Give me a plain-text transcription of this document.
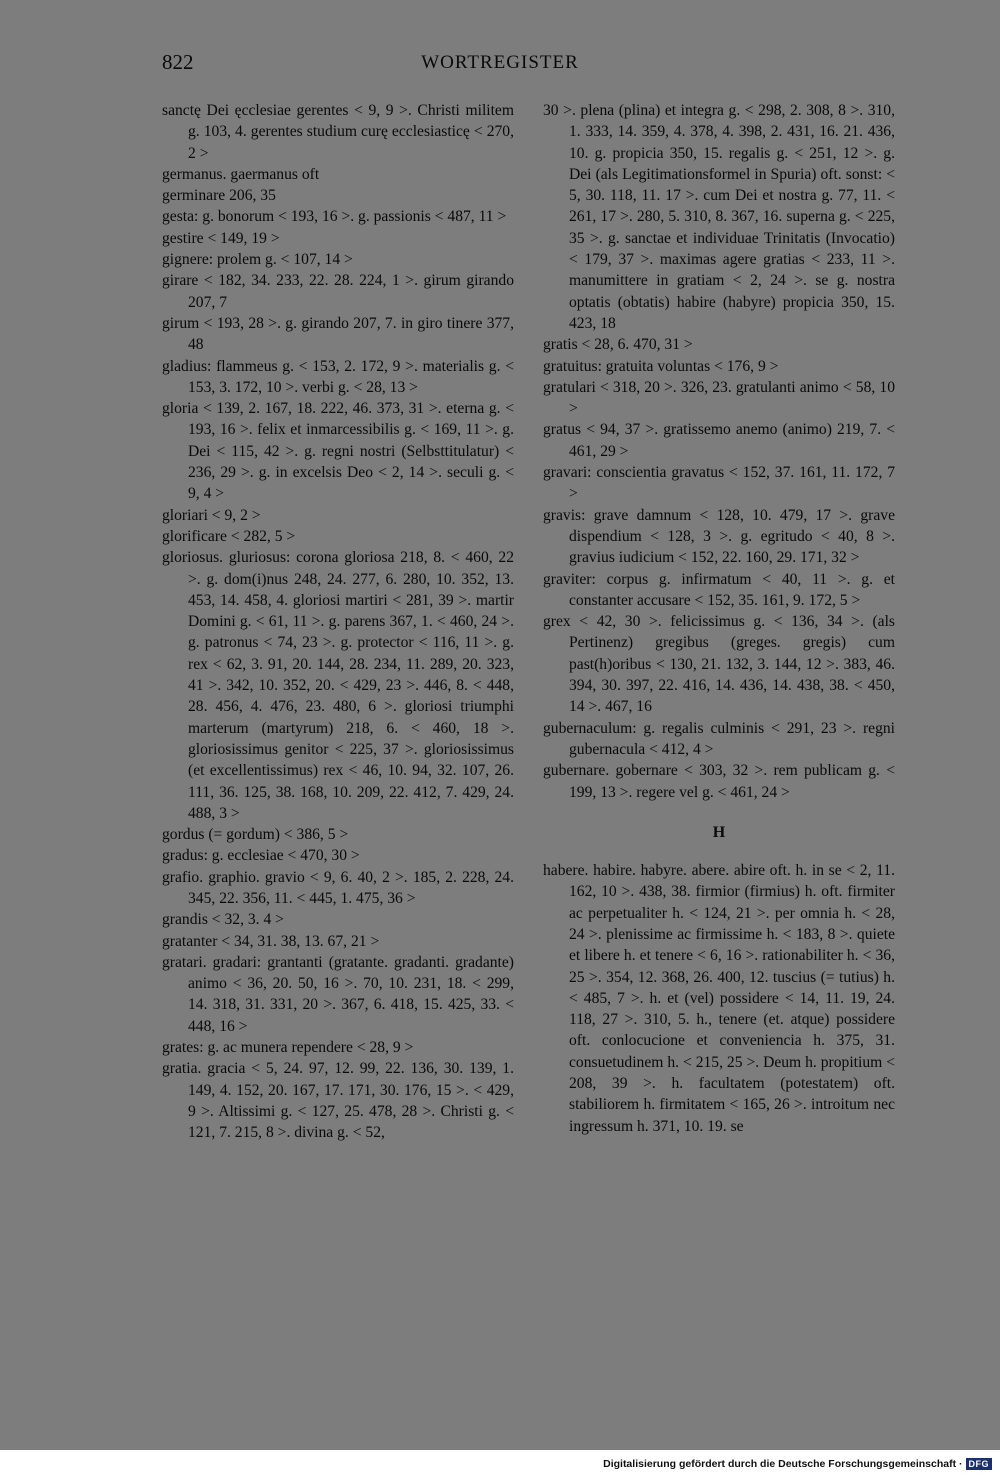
822	WORTREGISTER

sanctę Dei ęcclesiae gerentes < 9, 9 >. Christi militem g. 103, 4. gerentes studium curę ecclesiasticę < 270, 2 >

germanus. gaermanus oft

germinare 206, 35

gesta: g. bonorum < 193, 16 >. g. passionis < 487, 11 >

gestire < 149, 19 >

gignere: prolem g. < 107, 14 >

girare < 182, 34. 233, 22. 28. 224, 1 >. girum girando 207, 7

girum < 193, 28 >. g. girando 207, 7. in giro tinere 377, 48

gladius: flammeus g. < 153, 2. 172, 9 >. materialis g. < 153, 3. 172, 10 >. verbi g. < 28, 13 >

gloria < 139, 2. 167, 18. 222, 46. 373, 31 >. eterna g. < 193, 16 >. felix et inmarcessibilis g. < 169, 11 >. g. Dei < 115, 42 >. g. regni nostri (Selbsttitulatur) < 236, 29 >. g. in excelsis Deo < 2, 14 >. seculi g. < 9, 4 >

gloriari < 9, 2 >

glorificare < 282, 5 >

gloriosus. gluriosus: corona gloriosa 218, 8. < 460, 22 >. g. dom(i)nus 248, 24. 277, 6. 280, 10. 352, 13. 453, 14. 458, 4. gloriosi martiri < 281, 39 >. martir Domini g. < 61, 11 >. g. parens 367, 1. < 460, 24 >. g. patronus < 74, 23 >. g. protector < 116, 11 >. g. rex < 62, 3. 91, 20. 144, 28. 234, 11. 289, 20. 323, 41 >. 342, 10. 352, 20. < 429, 23 >. 446, 8. < 448, 28. 456, 4. 476, 23. 480, 6 >. gloriosi triumphi marterum (martyrum) 218, 6. < 460, 18 >. gloriosissimus genitor < 225, 37 >. gloriosissimus (et excellentissimus) rex < 46, 10. 94, 32. 107, 26. 111, 36. 125, 38. 168, 10. 209, 22. 412, 7. 429, 24. 488, 3 >

gordus (= gordum) < 386, 5 >

gradus: g. ecclesiae < 470, 30 >

grafio. graphio. gravio < 9, 6. 40, 2 >. 185, 2. 228, 24. 345, 22. 356, 11. < 445, 1. 475, 36 >

grandis < 32, 3. 4 >

gratanter < 34, 31. 38, 13. 67, 21 >

gratari. gradari: grantanti (gratante. gradanti. gradante) animo < 36, 20. 50, 16 >. 70, 10. 231, 18. < 299, 14. 318, 31. 331, 20 >. 367, 6. 418, 15. 425, 33. < 448, 16 >

grates: g. ac munera rependere < 28, 9 >

gratia. gracia < 5, 24. 97, 12. 99, 22. 136, 30. 139, 1. 149, 4. 152, 20. 167, 17. 171, 30. 176, 15 >. < 429, 9 >. Altissimi g. < 127, 25. 478, 28 >. Christi g. < 121, 7. 215, 8 >. divina g. < 52,

30 >. plena (plina) et integra g. < 298, 2. 308, 8 >. 310, 1. 333, 14. 359, 4. 378, 4. 398, 2. 431, 16. 21. 436, 10. g. propicia 350, 15. regalis g. < 251, 12 >. g. Dei (als Legitimationsformel in Spuria) oft. sonst: < 5, 30. 118, 11. 17 >. cum Dei et nostra g. 77, 11. < 261, 17 >. 280, 5. 310, 8. 367, 16. superna g. < 225, 35 >. g. sanctae et individuae Trinitatis (Invocatio) < 179, 37 >. maximas agere gratias < 233, 11 >. manumittere in gratiam < 2, 24 >. se g. nostra optatis (obtatis) habire (habyre) propicia 350, 15. 423, 18

gratis < 28, 6. 470, 31 >

gratuitus: gratuita voluntas < 176, 9 >

gratulari < 318, 20 >. 326, 23. gratulanti animo < 58, 10 >

gratus < 94, 37 >. gratissemo anemo (animo) 219, 7. < 461, 29 >

gravari: conscientia gravatus < 152, 37. 161, 11. 172, 7 >

gravis: grave damnum < 128, 10. 479, 17 >. grave dispendium < 128, 3 >. g. egritudo < 40, 8 >. gravius iudicium < 152, 22. 160, 29. 171, 32 >

graviter: corpus g. infirmatum < 40, 11 >. g. et constanter accusare < 152, 35. 161, 9. 172, 5 >

grex < 42, 30 >. felicissimus g. < 136, 34 >. (als Pertinenz) gregibus (greges. gregis) cum past(h)oribus < 130, 21. 132, 3. 144, 12 >. 383, 46. 394, 30. 397, 22. 416, 14. 436, 14. 438, 38. < 450, 14 >. 467, 16

gubernaculum: g. regalis culminis < 291, 23 >. regni gubernacula < 412, 4 >

gubernare. gobernare < 303, 32 >. rem publicam g. < 199, 13 >. regere vel g. < 461, 24 >

H

habere. habire. habyre. abere. abire oft. h. in se < 2, 11. 162, 10 >. 438, 38. firmior (firmius) h. oft. firmiter ac perpetualiter h. < 124, 21 >. per omnia h. < 28, 24 >. plenissime ac firmissime h. < 183, 8 >. quiete et libere h. et tenere < 6, 16 >. rationabiliter h. < 36, 25 >. 354, 12. 368, 26. 400, 12. tuscius (= tutius) h. < 485, 7 >. h. et (vel) possidere < 14, 11. 19, 24. 118, 27 >. 310, 5. h., tenere (et. atque) possidere oft. conlocucione et conveniencia h. 375, 31. consuetudinem h. < 215, 25 >. Deum h. propitium < 208, 39 >. h. facultatem (potestatem) oft. stabiliorem h. firmitatem < 165, 26 >. introitum nec ingressum h. 371, 10. 19. se

Digitalisierung gefördert durch die Deutsche Forschungsgemeinschaft · DFG
